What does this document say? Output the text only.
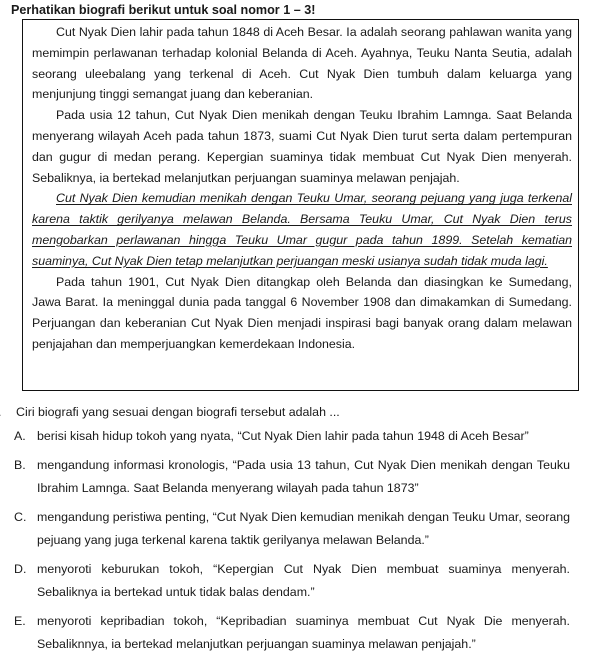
Perhatikan biografi berikut untuk soal nomor 1 – 3!

Cut Nyak Dien lahir pada tahun 1848 di Aceh Besar. Ia adalah seorang pahlawan wanita yang memimpin perlawanan terhadap kolonial Belanda di Aceh. Ayahnya, Teuku Nanta Seutia, adalah seorang uleebalang yang terkenal di Aceh. Cut Nyak Dien tumbuh dalam keluarga yang menjunjung tinggi semangat juang dan keberanian.

Pada usia 12 tahun, Cut Nyak Dien menikah dengan Teuku Ibrahim Lamnga. Saat Belanda menyerang wilayah Aceh pada tahun 1873, suami Cut Nyak Dien turut serta dalam pertempuran dan gugur di medan perang. Kepergian suaminya tidak membuat Cut Nyak Dien menyerah. Sebaliknya, ia bertekad melanjutkan perjuangan suaminya melawan penjajah.

Cut Nyak Dien kemudian menikah dengan Teuku Umar, seorang pejuang yang juga terkenal karena taktik gerilyanya melawan Belanda. Bersama Teuku Umar, Cut Nyak Dien terus mengobarkan perlawanan hingga Teuku Umar gugur pada tahun 1899. Setelah kematian suaminya, Cut Nyak Dien tetap melanjutkan perjuangan meski usianya sudah tidak muda lagi.

Pada tahun 1901, Cut Nyak Dien ditangkap oleh Belanda dan diasingkan ke Sumedang, Jawa Barat. Ia meninggal dunia pada tanggal 6 November 1908 dan dimakamkan di Sumedang. Perjuangan dan keberanian Cut Nyak Dien menjadi inspirasi bagi banyak orang dalam melawan penjajahan dan memperjuangkan kemerdekaan Indonesia.

Ciri biografi yang sesuai dengan biografi tersebut adalah ...
A. berisi kisah hidup tokoh yang nyata, “Cut Nyak Dien lahir pada tahun 1948 di Aceh Besar”
B. mengandung informasi kronologis, “Pada usia 13 tahun, Cut Nyak Dien menikah dengan Teuku Ibrahim Lamnga. Saat Belanda menyerang wilayah pada tahun 1873”
C. mengandung peristiwa penting, “Cut Nyak Dien kemudian menikah dengan Teuku Umar, seorang pejuang yang juga terkenal karena taktik gerilyanya melawan Belanda.”
D. menyoroti keburukan tokoh, “Kepergian Cut Nyak Dien membuat suaminya menyerah. Sebaliknya ia bertekad untuk tidak balas dendam.”
E. menyoroti kepribadian tokoh, “Kepribadian suaminya membuat Cut Nyak Die menyerah. Sebaliknnya, ia bertekad melanjutkan perjuangan suaminya melawan penjajah.”
